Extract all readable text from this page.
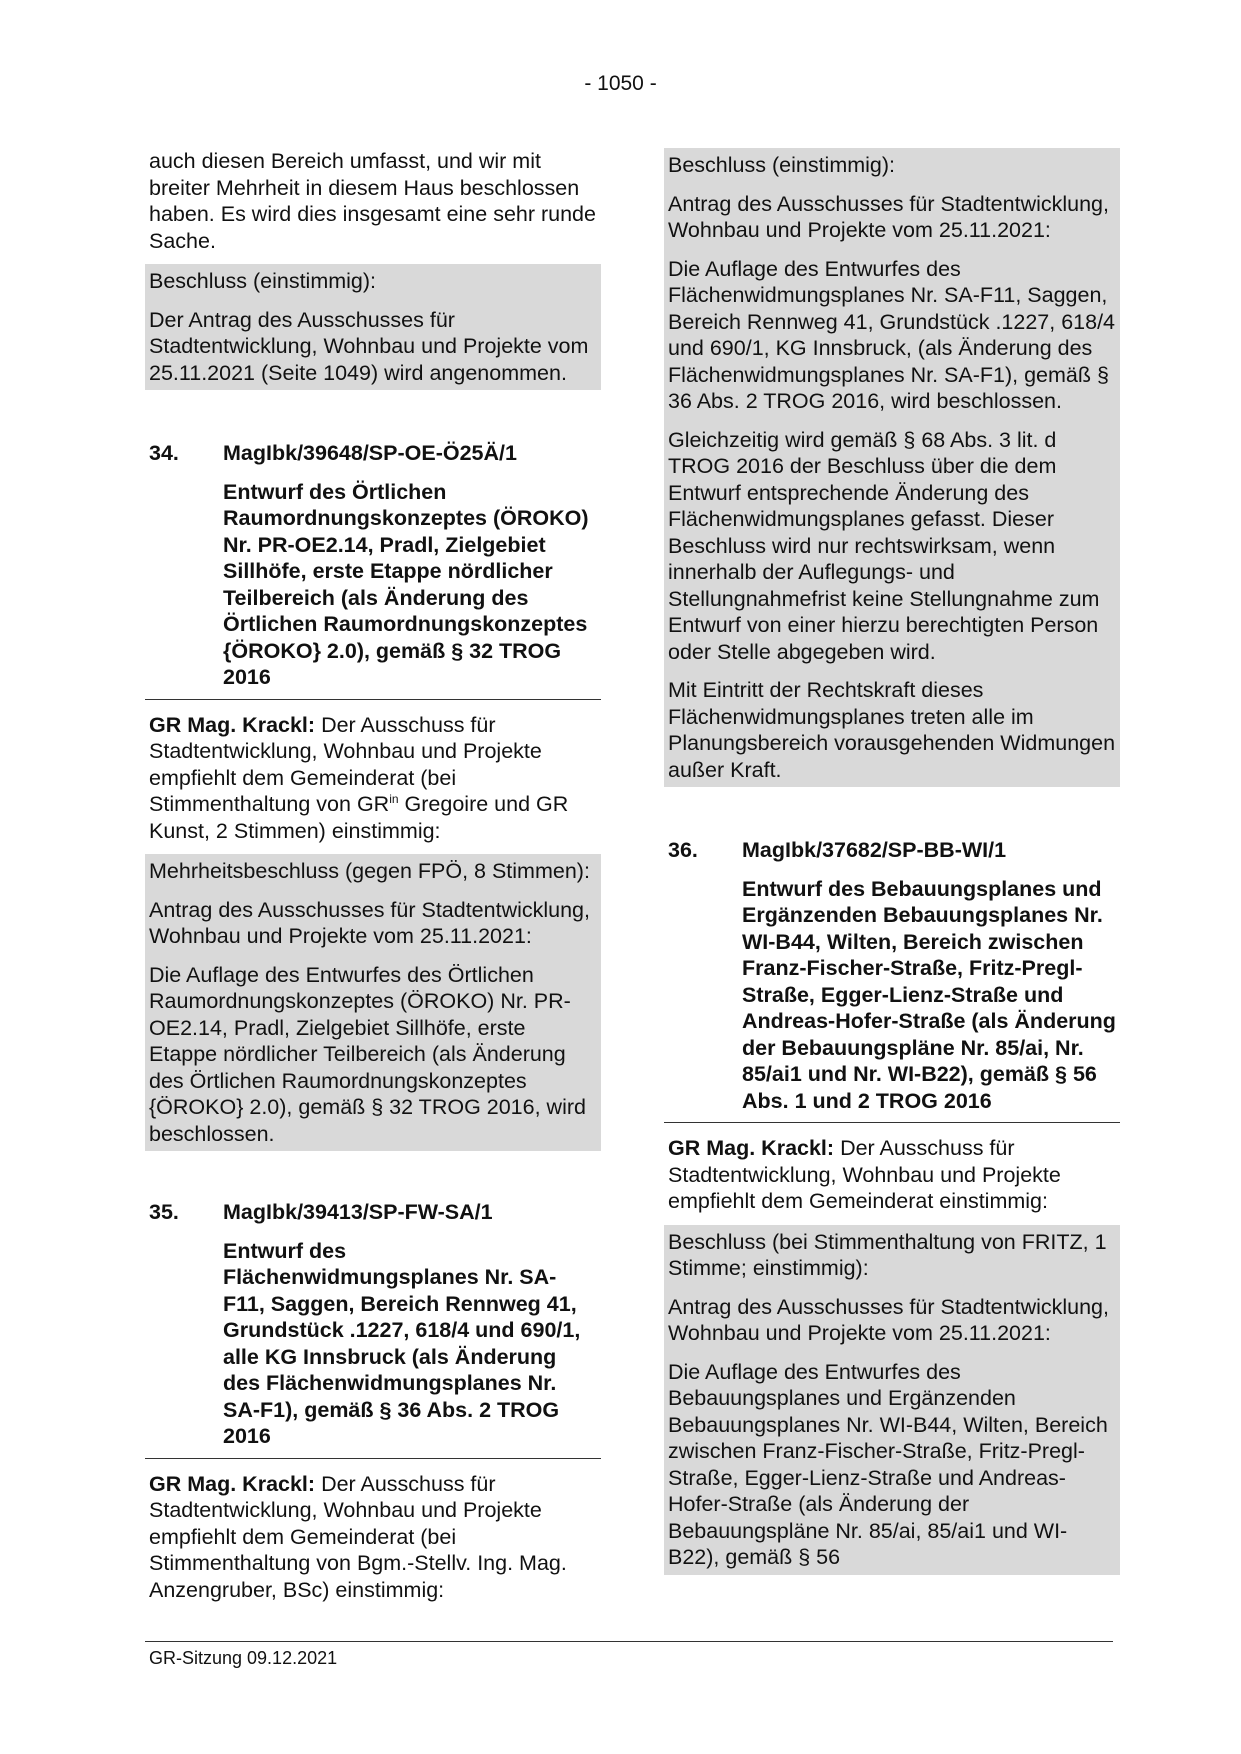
- 1050 -

auch diesen Bereich umfasst, und wir mit breiter Mehrheit in diesem Haus beschlossen haben. Es wird dies insgesamt eine sehr runde Sache.

Beschluss (einstimmig):

Der Antrag des Ausschusses für Stadtentwicklung, Wohnbau und Projekte vom 25.11.2021 (Seite 1049) wird angenommen.

34.	MagIbk/39648/SP-OE-Ö25Ä/1

Entwurf des Örtlichen Raumordnungskonzeptes (ÖROKO) Nr. PR-OE2.14, Pradl, Zielgebiet Sillhöfe, erste Etappe nördlicher Teilbereich (als Änderung des Örtlichen Raumordnungskonzeptes {ÖROKO} 2.0), gemäß § 32 TROG 2016

GR Mag. Krackl: Der Ausschuss für Stadtentwicklung, Wohnbau und Projekte empfiehlt dem Gemeinderat (bei Stimmenthaltung von $GR^{in}$ Gregoire und GR Kunst, 2 Stimmen) einstimmig:

Mehrheitsbeschluss (gegen FPÖ, 8 Stimmen):

Antrag des Ausschusses für Stadtentwicklung, Wohnbau und Projekte vom 25.11.2021:

Die Auflage des Entwurfes des Örtlichen Raumordnungskonzeptes (ÖROKO) Nr. PR-OE2.14, Pradl, Zielgebiet Sillhöfe, erste Etappe nördlicher Teilbereich (als Änderung des Örtlichen Raumordnungskonzeptes {ÖROKO} 2.0), gemäß § 32 TROG 2016, wird beschlossen.

35.	MagIbk/39413/SP-FW-SA/1

Entwurf des Flächenwidmungsplanes Nr. SA-F11, Saggen, Bereich Rennweg 41, Grundstück .1227, 618/4 und 690/1, alle KG Innsbruck (als Änderung des Flächenwidmungsplanes Nr. SA-F1), gemäß § 36 Abs. 2 TROG 2016

GR Mag. Krackl: Der Ausschuss für Stadtentwicklung, Wohnbau und Projekte empfiehlt dem Gemeinderat (bei Stimmenthaltung von Bgm.-Stellv. Ing. Mag. Anzengruber, BSc) einstimmig:

Beschluss (einstimmig):

Antrag des Ausschusses für Stadtentwicklung, Wohnbau und Projekte vom 25.11.2021:

Die Auflage des Entwurfes des Flächenwidmungsplanes Nr. SA-F11, Saggen, Bereich Rennweg 41, Grundstück .1227, 618/4 und 690/1, KG Innsbruck, (als Änderung des Flächenwidmungsplanes Nr. SA-F1), gemäß § 36 Abs. 2 TROG 2016, wird beschlossen.

Gleichzeitig wird gemäß § 68 Abs. 3 lit. d TROG 2016 der Beschluss über die dem Entwurf entsprechende Änderung des Flächenwidmungsplanes gefasst. Dieser Beschluss wird nur rechtswirksam, wenn innerhalb der Auflegungs- und Stellungnahmefrist keine Stellungnahme zum Entwurf von einer hierzu berechtigten Person oder Stelle abgegeben wird.

Mit Eintritt der Rechtskraft dieses Flächenwidmungsplanes treten alle im Planungsbereich vorausgehenden Widmungen außer Kraft.

36.	MagIbk/37682/SP-BB-WI/1

Entwurf des Bebauungsplanes und Ergänzenden Bebauungsplanes Nr. WI-B44, Wilten, Bereich zwischen Franz-Fischer-Straße, Fritz-Pregl-Straße, Egger-Lienz-Straße und Andreas-Hofer-Straße (als Änderung der Bebauungspläne Nr. 85/ai, Nr. 85/ai1 und Nr. WI-B22), gemäß § 56 Abs. 1 und 2 TROG 2016

GR Mag. Krackl: Der Ausschuss für Stadtentwicklung, Wohnbau und Projekte empfiehlt dem Gemeinderat einstimmig:

Beschluss (bei Stimmenthaltung von FRITZ, 1 Stimme; einstimmig):

Antrag des Ausschusses für Stadtentwicklung, Wohnbau und Projekte vom 25.11.2021:

Die Auflage des Entwurfes des Bebauungsplanes und Ergänzenden Bebauungsplanes Nr. WI-B44, Wilten, Bereich zwischen Franz-Fischer-Straße, Fritz-Pregl-Straße, Egger-Lienz-Straße und Andreas-Hofer-Straße (als Änderung der Bebauungspläne Nr. 85/ai, 85/ai1 und WI-B22), gemäß § 56

GR-Sitzung 09.12.2021
